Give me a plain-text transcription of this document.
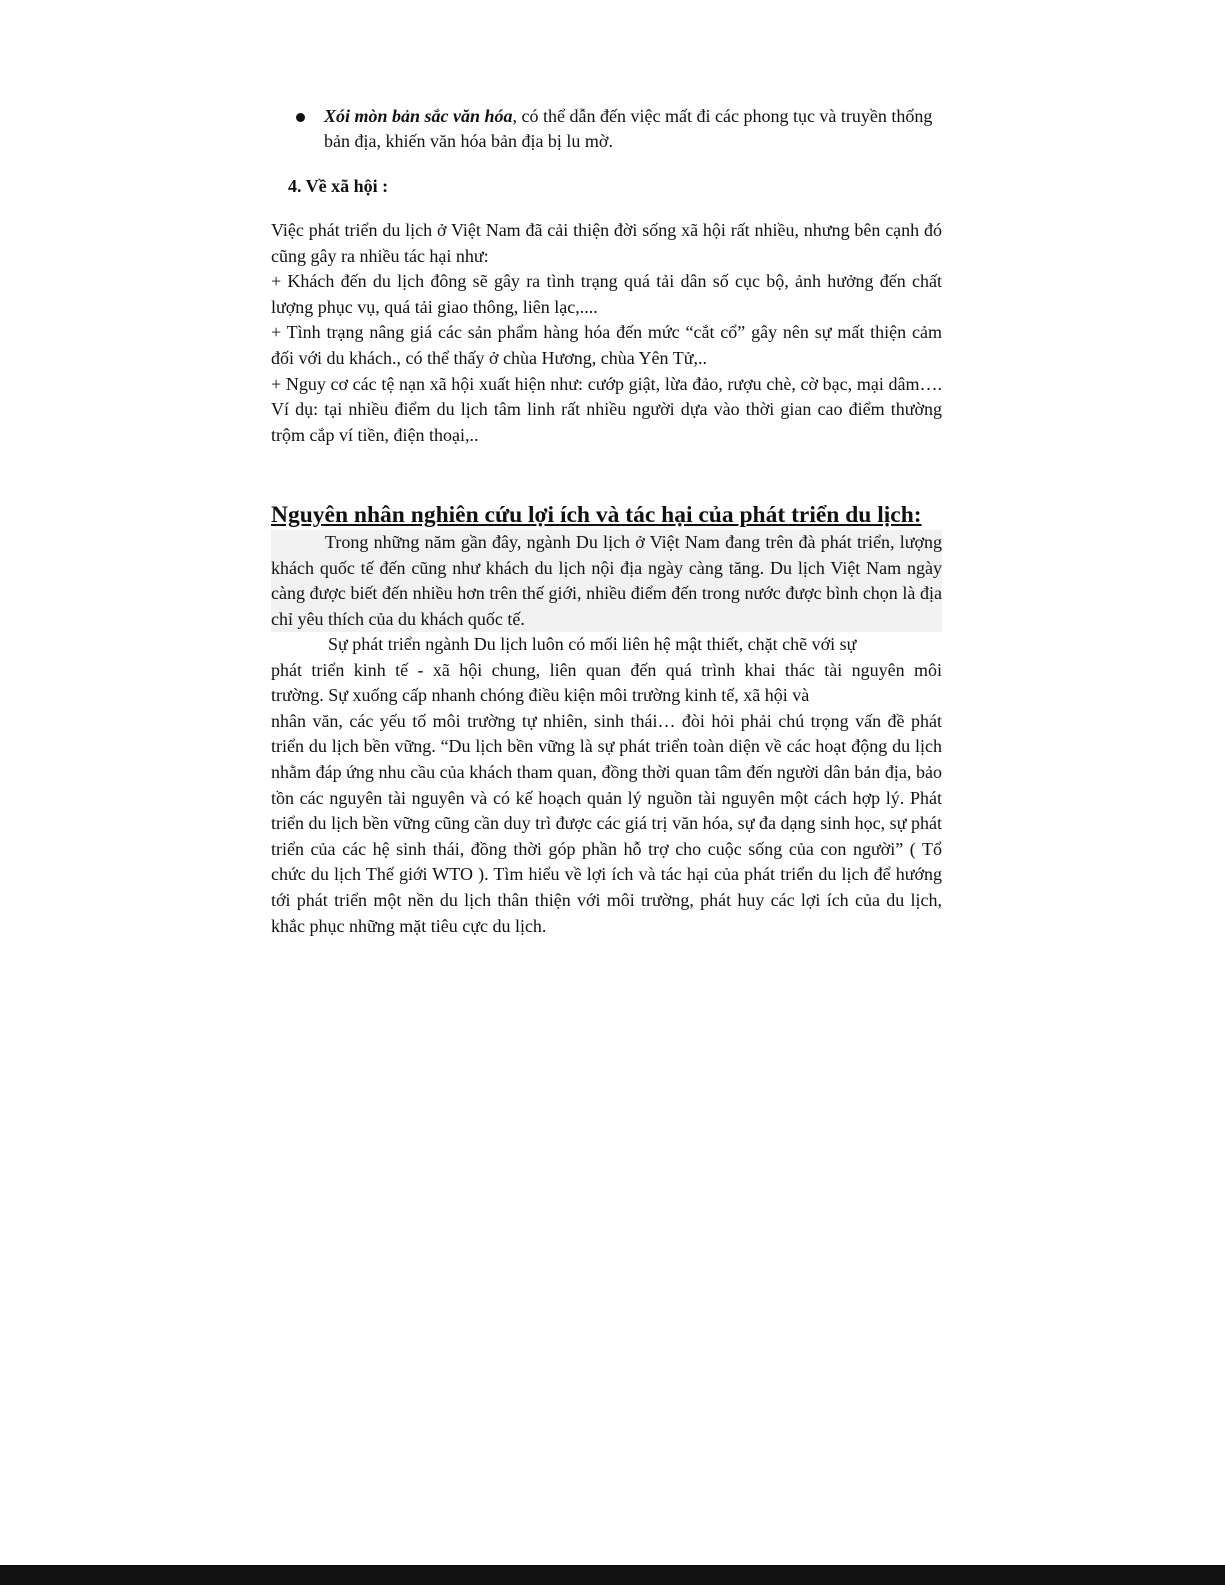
Xói mòn bản sắc văn hóa, có thể dẫn đến việc mất đi các phong tục và truyền thống bản địa, khiến văn hóa bản địa bị lu mờ.
4. Về xã hội :

Việc phát triển du lịch ở Việt Nam đã cải thiện đời sống xã hội rất nhiều, nhưng bên cạnh đó cũng gây ra nhiều tác hại như:

+ Khách đến du lịch đông sẽ gây ra tình trạng quá tải dân số cục bộ, ảnh hưởng đến chất lượng phục vụ, quá tải giao thông, liên lạc,....

+ Tình trạng nâng giá các sản phẩm hàng hóa đến mức “cắt cổ” gây nên sự mất thiện cảm đối với du khách., có thể thấy ở chùa Hương, chùa Yên Tử,..

+ Nguy cơ các tệ nạn xã hội xuất hiện như: cướp giật, lừa đảo, rượu chè, cờ bạc, mại dâm…. Ví dụ: tại nhiều điểm du lịch tâm linh rất nhiều người dựa vào thời gian cao điểm thường trộm cắp ví tiền, điện thoại,..

Nguyên nhân nghiên cứu lợi ích và tác hại của phát triển du lịch:

Trong những năm gần đây, ngành Du lịch ở Việt Nam đang trên đà phát triển, lượng khách quốc tế đến cũng như khách du lịch nội địa ngày càng tăng. Du lịch Việt Nam ngày càng được biết đến nhiều hơn trên thế giới, nhiều điểm đến trong nước được bình chọn là địa chỉ yêu thích của du khách quốc tế.

Sự phát triển ngành Du lịch luôn có mối liên hệ mật thiết, chặt chẽ với sự
phát triển kinh tế - xã hội chung, liên quan đến quá trình khai thác tài nguyên môi
trường. Sự xuống cấp nhanh chóng điều kiện môi trường kinh tế, xã hội và

nhân văn, các yếu tố môi trường tự nhiên, sinh thái… đòi hỏi phải chú trọng vấn đề phát triển du lịch bền vững. “Du lịch bền vững là sự phát triển toàn diện về các hoạt động du lịch nhằm đáp ứng nhu cầu của khách tham quan, đồng thời quan tâm đến người dân bản địa, bảo tồn các nguyên tài nguyên và có kế hoạch quản lý nguồn tài nguyên một cách hợp lý. Phát triển du lịch bền vững cũng cần duy trì được các giá trị văn hóa, sự đa dạng sinh học, sự phát triển của các hệ sinh thái, đồng thời góp phần hỗ trợ cho cuộc sống của con người” ( Tổ chức du lịch Thế giới WTO ). Tìm hiểu về lợi ích và tác hại của phát triển du lịch để hướng tới phát triển một nền du lịch thân thiện với môi trường, phát huy các lợi ích của du lịch, khắc phục những mặt tiêu cực du lịch.
